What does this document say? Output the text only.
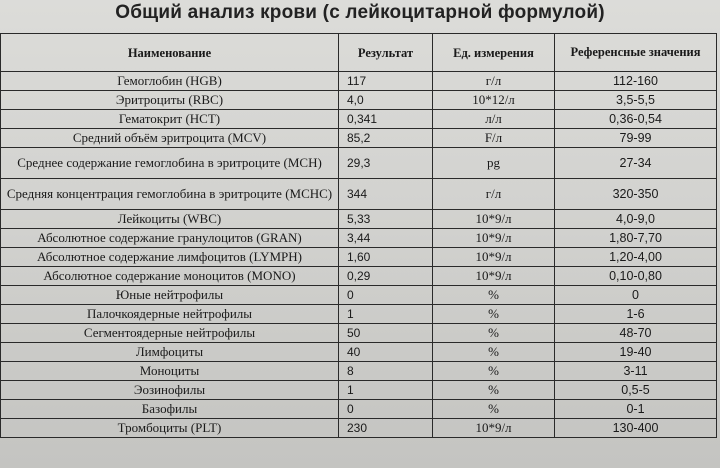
Общий анализ крови (с лейкоцитарной формулой)
Наименование	Результат	Ед. измерения	Референсные значения
Гемоглобин (HGB)	117	г/л	112-160
Эритроциты (RBC)	4,0	10*12/л	3,5-5,5
Гематокрит (HCT)	0,341	л/л	0,36-0,54
Средний объём эритроцита (MCV)	85,2	F/л	79-99
Среднее содержание гемоглобина в эритроците (MCH)	29,3	pg	27-34
Средняя концентрация гемоглобина в эритроците (MCHC)	344	г/л	320-350
Лейкоциты (WBC)	5,33	10*9/л	4,0-9,0
Абсолютное содержание гранулоцитов (GRAN)	3,44	10*9/л	1,80-7,70
Абсолютное содержание лимфоцитов (LYMPH)	1,60	10*9/л	1,20-4,00
Абсолютное содержание моноцитов (MONO)	0,29	10*9/л	0,10-0,80
Юные нейтрофилы	0	%	0
Палочкоядерные нейтрофилы	1	%	1-6
Сегментоядерные нейтрофилы	50	%	48-70
Лимфоциты	40	%	19-40
Моноциты	8	%	3-11
Эозинофилы	1	%	0,5-5
Базофилы	0	%	0-1
Тромбоциты (PLT)	230	10*9/л	130-400
